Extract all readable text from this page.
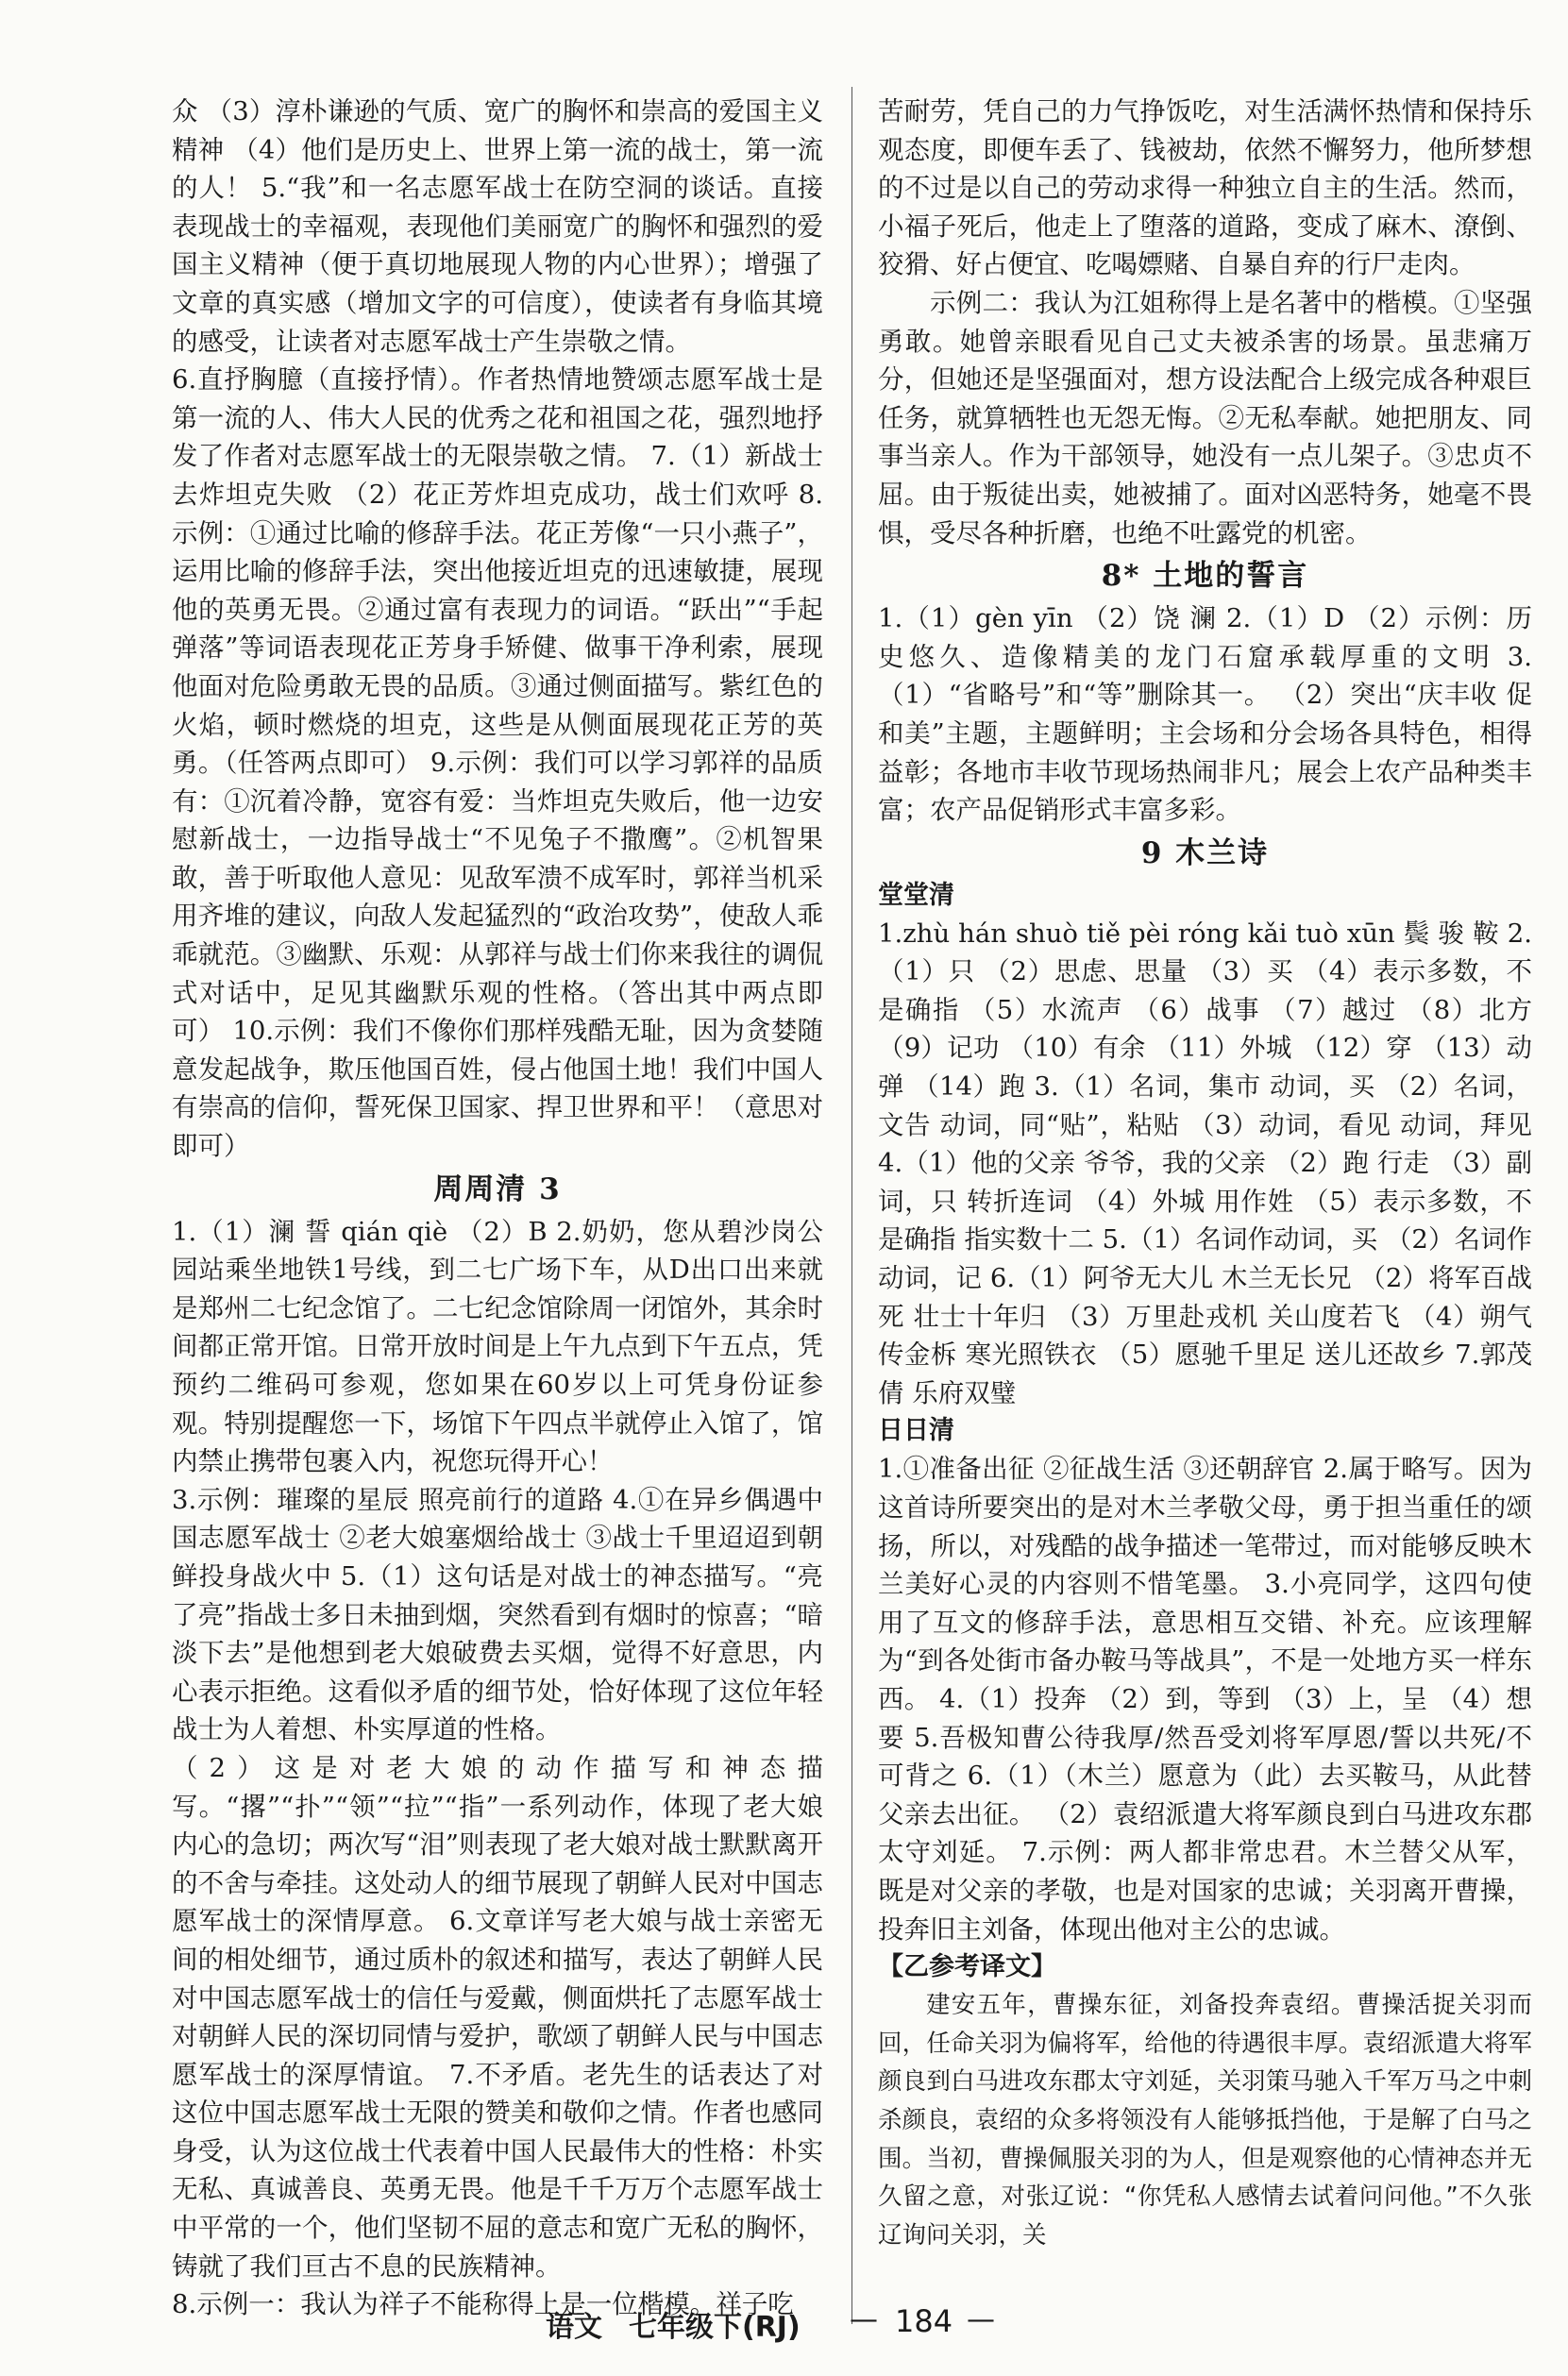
众 （3）淳朴谦逊的气质、宽广的胸怀和崇高的爱国主义精神 （4）他们是历史上、世界上第一流的战士，第一流的人！ 5.“我”和一名志愿军战士在防空洞的谈话。直接表现战士的幸福观，表现他们美丽宽广的胸怀和强烈的爱国主义精神（便于真切地展现人物的内心世界）；增强了文章的真实感（增加文字的可信度），使读者有身临其境的感受，让读者对志愿军战士产生崇敬之情。

6.直抒胸臆（直接抒情）。作者热情地赞颂志愿军战士是第一流的人、伟大人民的优秀之花和祖国之花，强烈地抒发了作者对志愿军战士的无限崇敬之情。 7.（1）新战士去炸坦克失败 （2）花正芳炸坦克成功，战士们欢呼 8.示例：①通过比喻的修辞手法。花正芳像“一只小燕子”，运用比喻的修辞手法，突出他接近坦克的迅速敏捷，展现他的英勇无畏。②通过富有表现力的词语。“跃出”“手起弹落”等词语表现花正芳身手矫健、做事干净利索，展现他面对危险勇敢无畏的品质。③通过侧面描写。紫红色的火焰，顿时燃烧的坦克，这些是从侧面展现花正芳的英勇。（任答两点即可） 9.示例：我们可以学习郭祥的品质有：①沉着冷静，宽容有爱：当炸坦克失败后，他一边安慰新战士，一边指导战士“不见兔子不撒鹰”。②机智果敢，善于听取他人意见：见敌军溃不成军时，郭祥当机采用齐堆的建议，向敌人发起猛烈的“政治攻势”，使敌人乖乖就范。③幽默、乐观：从郭祥与战士们你来我往的调侃式对话中，足见其幽默乐观的性格。（答出其中两点即可） 10.示例：我们不像你们那样残酷无耻，因为贪婪随意发起战争，欺压他国百姓，侵占他国土地！我们中国人有崇高的信仰，誓死保卫国家、捍卫世界和平！（意思对即可）

周周清 3

1.（1）澜 誓 qián qiè （2）B 2.奶奶，您从碧沙岗公园站乘坐地铁1号线，到二七广场下车，从D出口出来就是郑州二七纪念馆了。二七纪念馆除周一闭馆外，其余时间都正常开馆。日常开放时间是上午九点到下午五点，凭预约二维码可参观，您如果在60岁以上可凭身份证参观。特别提醒您一下，场馆下午四点半就停止入馆了，馆内禁止携带包裹入内，祝您玩得开心！

3.示例：璀璨的星辰 照亮前行的道路 4.①在异乡偶遇中国志愿军战士 ②老大娘塞烟给战士 ③战士千里迢迢到朝鲜投身战火中 5.（1）这句话是对战士的神态描写。“亮了亮”指战士多日未抽到烟，突然看到有烟时的惊喜；“暗淡下去”是他想到老大娘破费去买烟，觉得不好意思，内心表示拒绝。这看似矛盾的细节处，恰好体现了这位年轻战士为人着想、朴实厚道的性格。

（2）这是对老大娘的动作描写和神态描写。“撂”“扑”“领”“拉”“指”一系列动作，体现了老大娘内心的急切；两次写“泪”则表现了老大娘对战士默默离开的不舍与牵挂。这处动人的细节展现了朝鲜人民对中国志愿军战士的深情厚意。 6.文章详写老大娘与战士亲密无间的相处细节，通过质朴的叙述和描写，表达了朝鲜人民对中国志愿军战士的信任与爱戴，侧面烘托了志愿军战士对朝鲜人民的深切同情与爱护，歌颂了朝鲜人民与中国志愿军战士的深厚情谊。 7.不矛盾。老先生的话表达了对这位中国志愿军战士无限的赞美和敬仰之情。作者也感同身受，认为这位战士代表着中国人民最伟大的性格：朴实无私、真诚善良、英勇无畏。他是千千万万个志愿军战士中平常的一个，他们坚韧不屈的意志和宽广无私的胸怀，铸就了我们亘古不息的民族精神。

8.示例一：我认为祥子不能称得上是一位楷模。祥子吃

苦耐劳，凭自己的力气挣饭吃，对生活满怀热情和保持乐观态度，即便车丢了、钱被劫，依然不懈努力，他所梦想的不过是以自己的劳动求得一种独立自主的生活。然而，小福子死后，他走上了堕落的道路，变成了麻木、潦倒、狡猾、好占便宜、吃喝嫖赌、自暴自弃的行尸走肉。

示例二：我认为江姐称得上是名著中的楷模。①坚强勇敢。她曾亲眼看见自己丈夫被杀害的场景。虽悲痛万分，但她还是坚强面对，想方设法配合上级完成各种艰巨任务，就算牺牲也无怨无悔。②无私奉献。她把朋友、同事当亲人。作为干部领导，她没有一点儿架子。③忠贞不屈。由于叛徒出卖，她被捕了。面对凶恶特务，她毫不畏惧，受尽各种折磨，也绝不吐露党的机密。

8* 土地的誓言

1.（1）gèn yīn （2）饶 澜 2.（1）D （2）示例：历史悠久、造像精美的龙门石窟承载厚重的文明 3.（1）“省略号”和“等”删除其一。 （2）突出“庆丰收 促和美”主题，主题鲜明；主会场和分会场各具特色，相得益彰；各地市丰收节现场热闹非凡；展会上农产品种类丰富；农产品促销形式丰富多彩。

9 木兰诗
堂堂清

1.zhù hán shuò tiě pèi róng kǎi tuò xūn 鬓 骏 鞍 2.（1）只 （2）思虑、思量 （3）买 （4）表示多数，不是确指 （5）水流声 （6）战事 （7）越过 （8）北方 （9）记功 （10）有余 （11）外城 （12）穿 （13）动弹 （14）跑 3.（1）名词，集市 动词，买 （2）名词，文告 动词，同“贴”，粘贴 （3）动词，看见 动词，拜见 4.（1）他的父亲 爷爷，我的父亲 （2）跑 行走 （3）副词，只 转折连词 （4）外城 用作姓 （5）表示多数，不是确指 指实数十二 5.（1）名词作动词，买 （2）名词作动词，记 6.（1）阿爷无大儿 木兰无长兄 （2）将军百战死 壮士十年归 （3）万里赴戎机 关山度若飞 （4）朔气传金柝 寒光照铁衣 （5）愿驰千里足 送儿还故乡 7.郭茂倩 乐府双璧

日日清

1.①准备出征 ②征战生活 ③还朝辞官 2.属于略写。因为这首诗所要突出的是对木兰孝敬父母，勇于担当重任的颂扬，所以，对残酷的战争描述一笔带过，而对能够反映木兰美好心灵的内容则不惜笔墨。 3.小亮同学，这四句使用了互文的修辞手法，意思相互交错、补充。应该理解为“到各处街市备办鞍马等战具”，不是一处地方买一样东西。 4.（1）投奔 （2）到，等到 （3）上，呈 （4）想要 5.吾极知曹公待我厚/然吾受刘将军厚恩/誓以共死/不可背之 6.（1）（木兰）愿意为（此）去买鞍马，从此替父亲去出征。 （2）袁绍派遣大将军颜良到白马进攻东郡太守刘延。 7.示例：两人都非常忠君。木兰替父从军，既是对父亲的孝敬，也是对国家的忠诚；关羽离开曹操，投奔旧主刘备，体现出他对主公的忠诚。

【乙参考译文】

建安五年，曹操东征，刘备投奔袁绍。曹操活捉关羽而回，任命关羽为偏将军，给他的待遇很丰厚。袁绍派遣大将军颜良到白马进攻东郡太守刘延，关羽策马驰入千军万马之中刺杀颜良，袁绍的众多将领没有人能够抵挡他，于是解了白马之围。当初，曹操佩服关羽的为人，但是观察他的心情神态并无久留之意，对张辽说：“你凭私人感情去试着问问他。”不久张辽询问关羽，关

语文 七年级下(RJ) — 184 —
